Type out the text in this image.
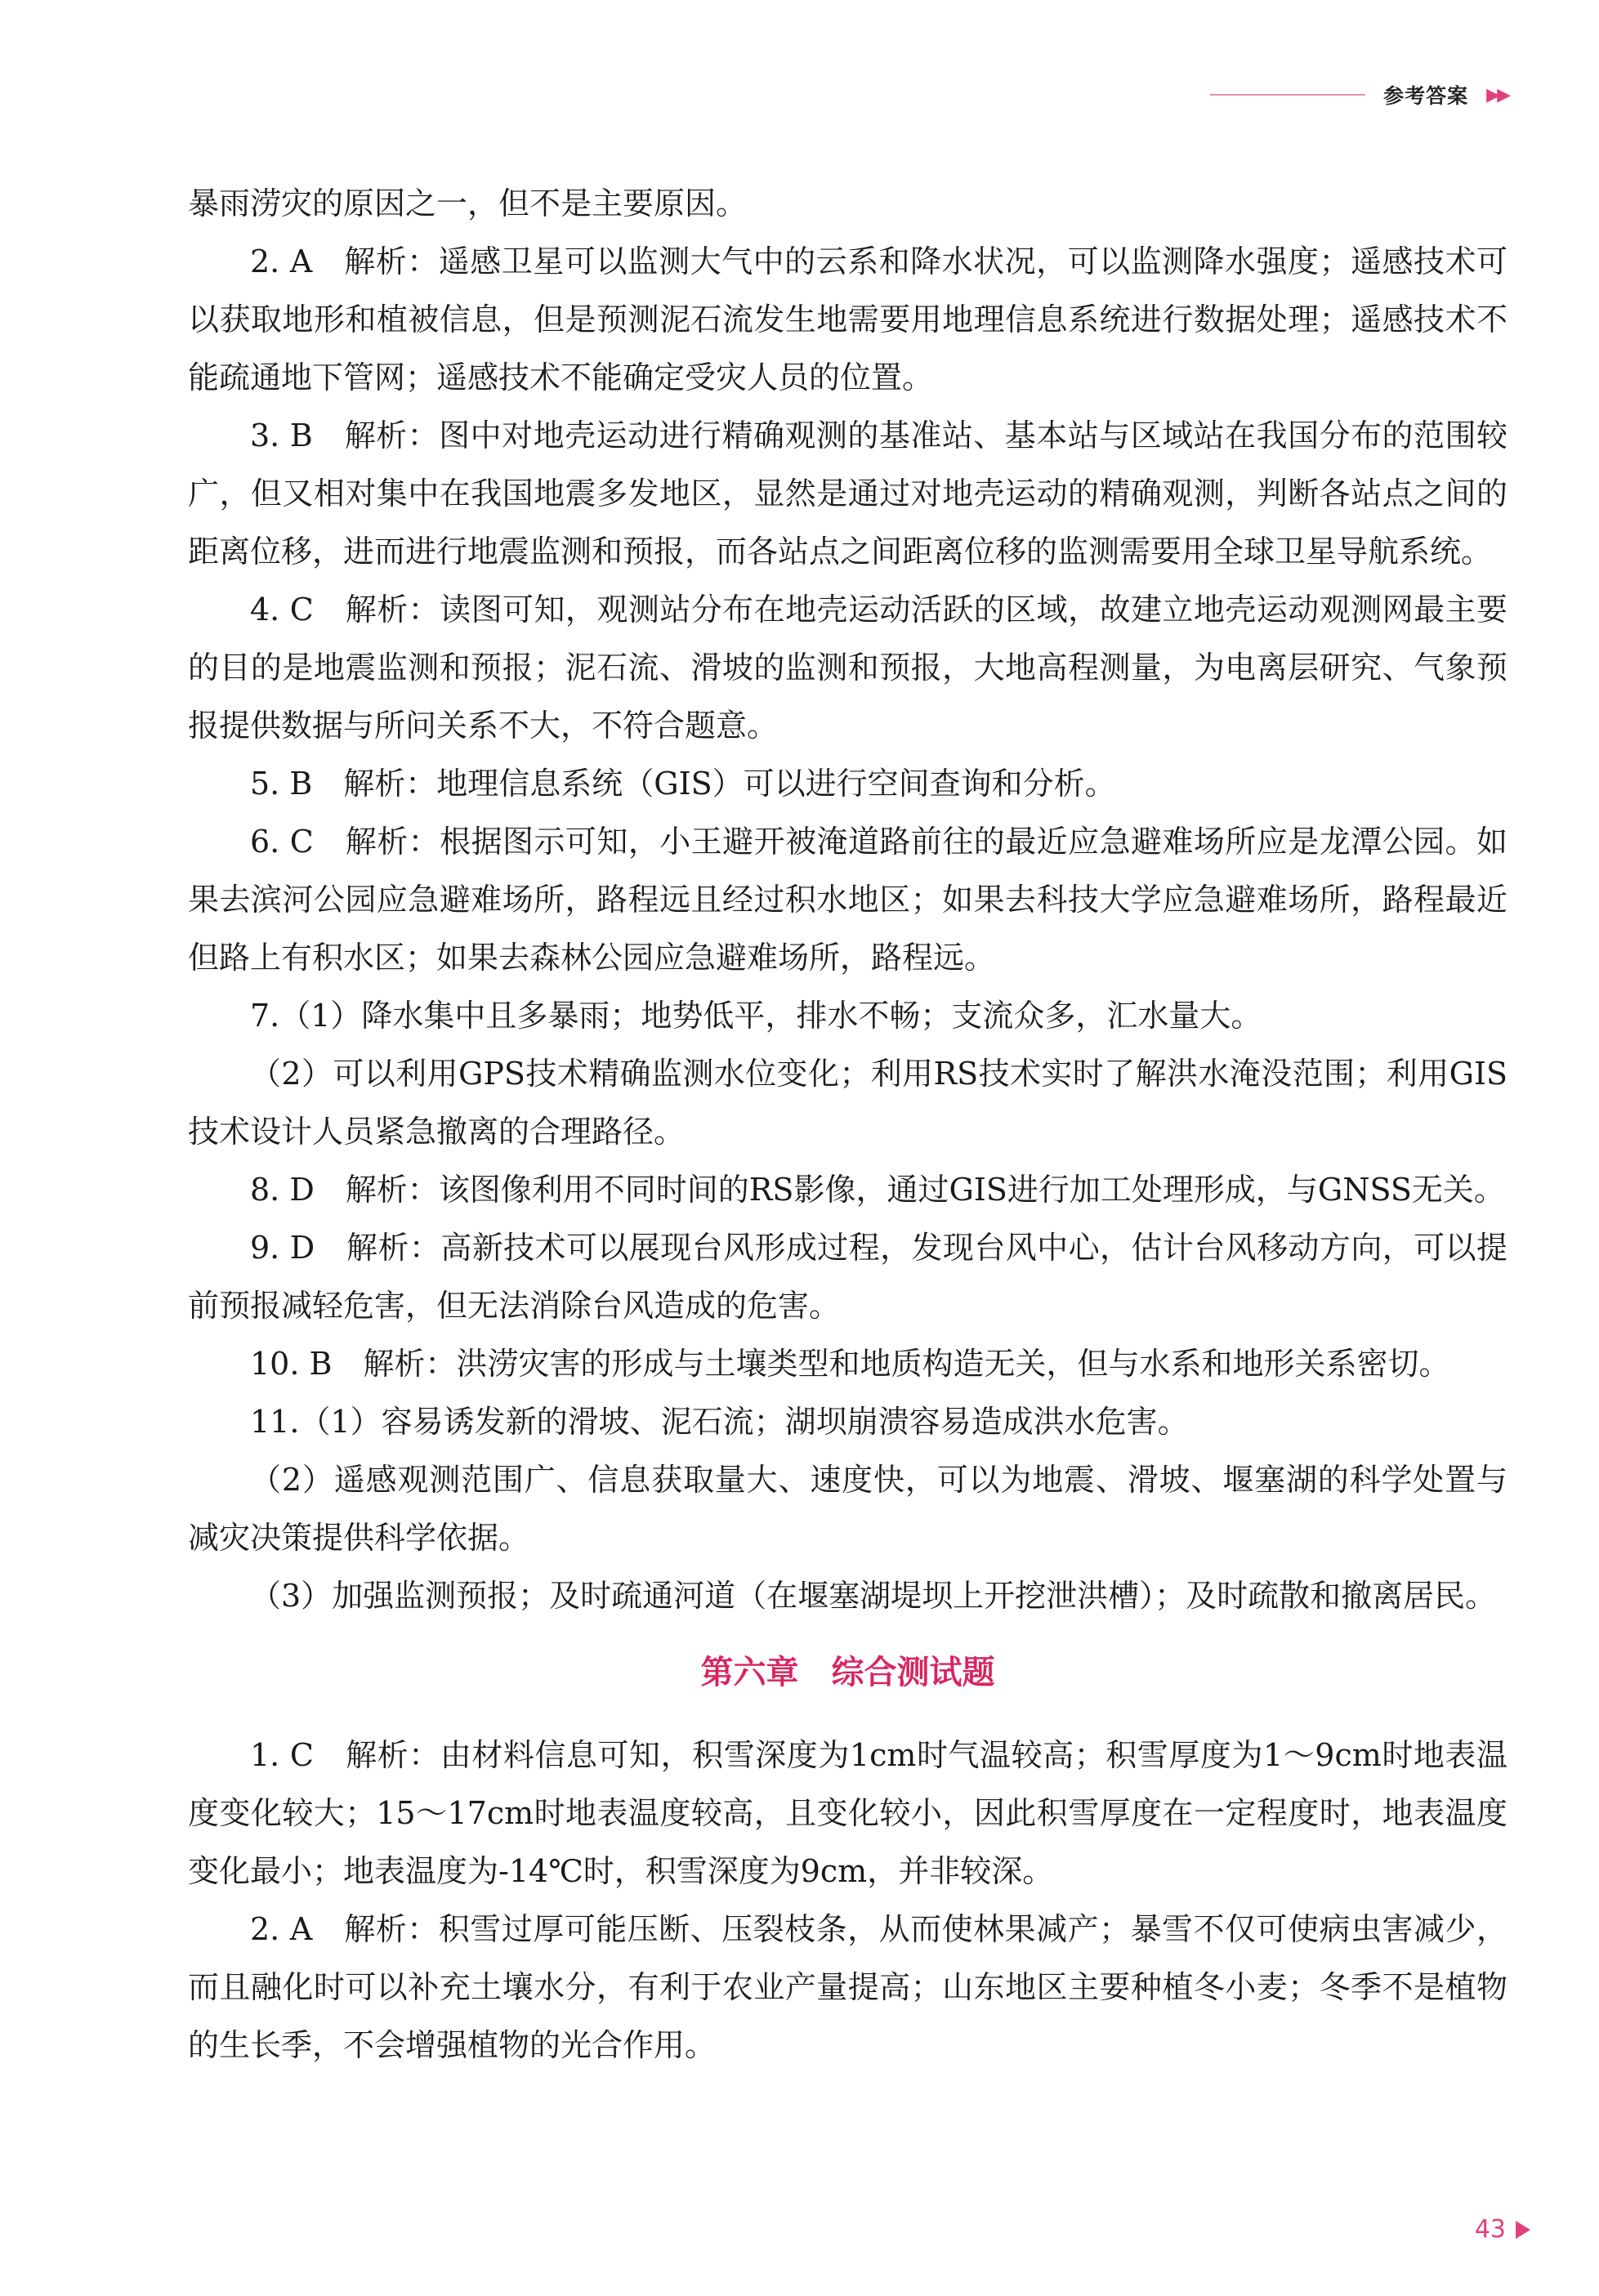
参考答案 ▶▶

暴雨涝灾的原因之一，但不是主要原因。

2. A　解析：遥感卫星可以监测大气中的云系和降水状况，可以监测降水强度；遥感技术可以获取地形和植被信息，但是预测泥石流发生地需要用地理信息系统进行数据处理；遥感技术不能疏通地下管网；遥感技术不能确定受灾人员的位置。

3. B　解析：图中对地壳运动进行精确观测的基准站、基本站与区域站在我国分布的范围较广，但又相对集中在我国地震多发地区，显然是通过对地壳运动的精确观测，判断各站点之间的距离位移，进而进行地震监测和预报，而各站点之间距离位移的监测需要用全球卫星导航系统。

4. C　解析：读图可知，观测站分布在地壳运动活跃的区域，故建立地壳运动观测网最主要的目的是地震监测和预报；泥石流、滑坡的监测和预报，大地高程测量，为电离层研究、气象预报提供数据与所问关系不大，不符合题意。

5. B　解析：地理信息系统（GIS）可以进行空间查询和分析。

6. C　解析：根据图示可知，小王避开被淹道路前往的最近应急避难场所应是龙潭公园。如果去滨河公园应急避难场所，路程远且经过积水地区；如果去科技大学应急避难场所，路程最近但路上有积水区；如果去森林公园应急避难场所，路程远。

7.（1）降水集中且多暴雨；地势低平，排水不畅；支流众多，汇水量大。

（2）可以利用GPS技术精确监测水位变化；利用RS技术实时了解洪水淹没范围；利用GIS技术设计人员紧急撤离的合理路径。

8. D　解析：该图像利用不同时间的RS影像，通过GIS进行加工处理形成，与GNSS无关。

9. D　解析：高新技术可以展现台风形成过程，发现台风中心，估计台风移动方向，可以提前预报减轻危害，但无法消除台风造成的危害。

10. B　解析：洪涝灾害的形成与土壤类型和地质构造无关，但与水系和地形关系密切。

11.（1）容易诱发新的滑坡、泥石流；湖坝崩溃容易造成洪水危害。

（2）遥感观测范围广、信息获取量大、速度快，可以为地震、滑坡、堰塞湖的科学处置与减灾决策提供科学依据。

（3）加强监测预报；及时疏通河道（在堰塞湖堤坝上开挖泄洪槽）；及时疏散和撤离居民。

第六章　综合测试题

1. C　解析：由材料信息可知，积雪深度为1cm时气温较高；积雪厚度为1～9cm时地表温度变化较大；15～17cm时地表温度较高，且变化较小，因此积雪厚度在一定程度时，地表温度变化最小；地表温度为-14℃时，积雪深度为9cm，并非较深。

2. A　解析：积雪过厚可能压断、压裂枝条，从而使林果减产；暴雪不仅可使病虫害减少，而且融化时可以补充土壤水分，有利于农业产量提高；山东地区主要种植冬小麦；冬季不是植物的生长季，不会增强植物的光合作用。

43
